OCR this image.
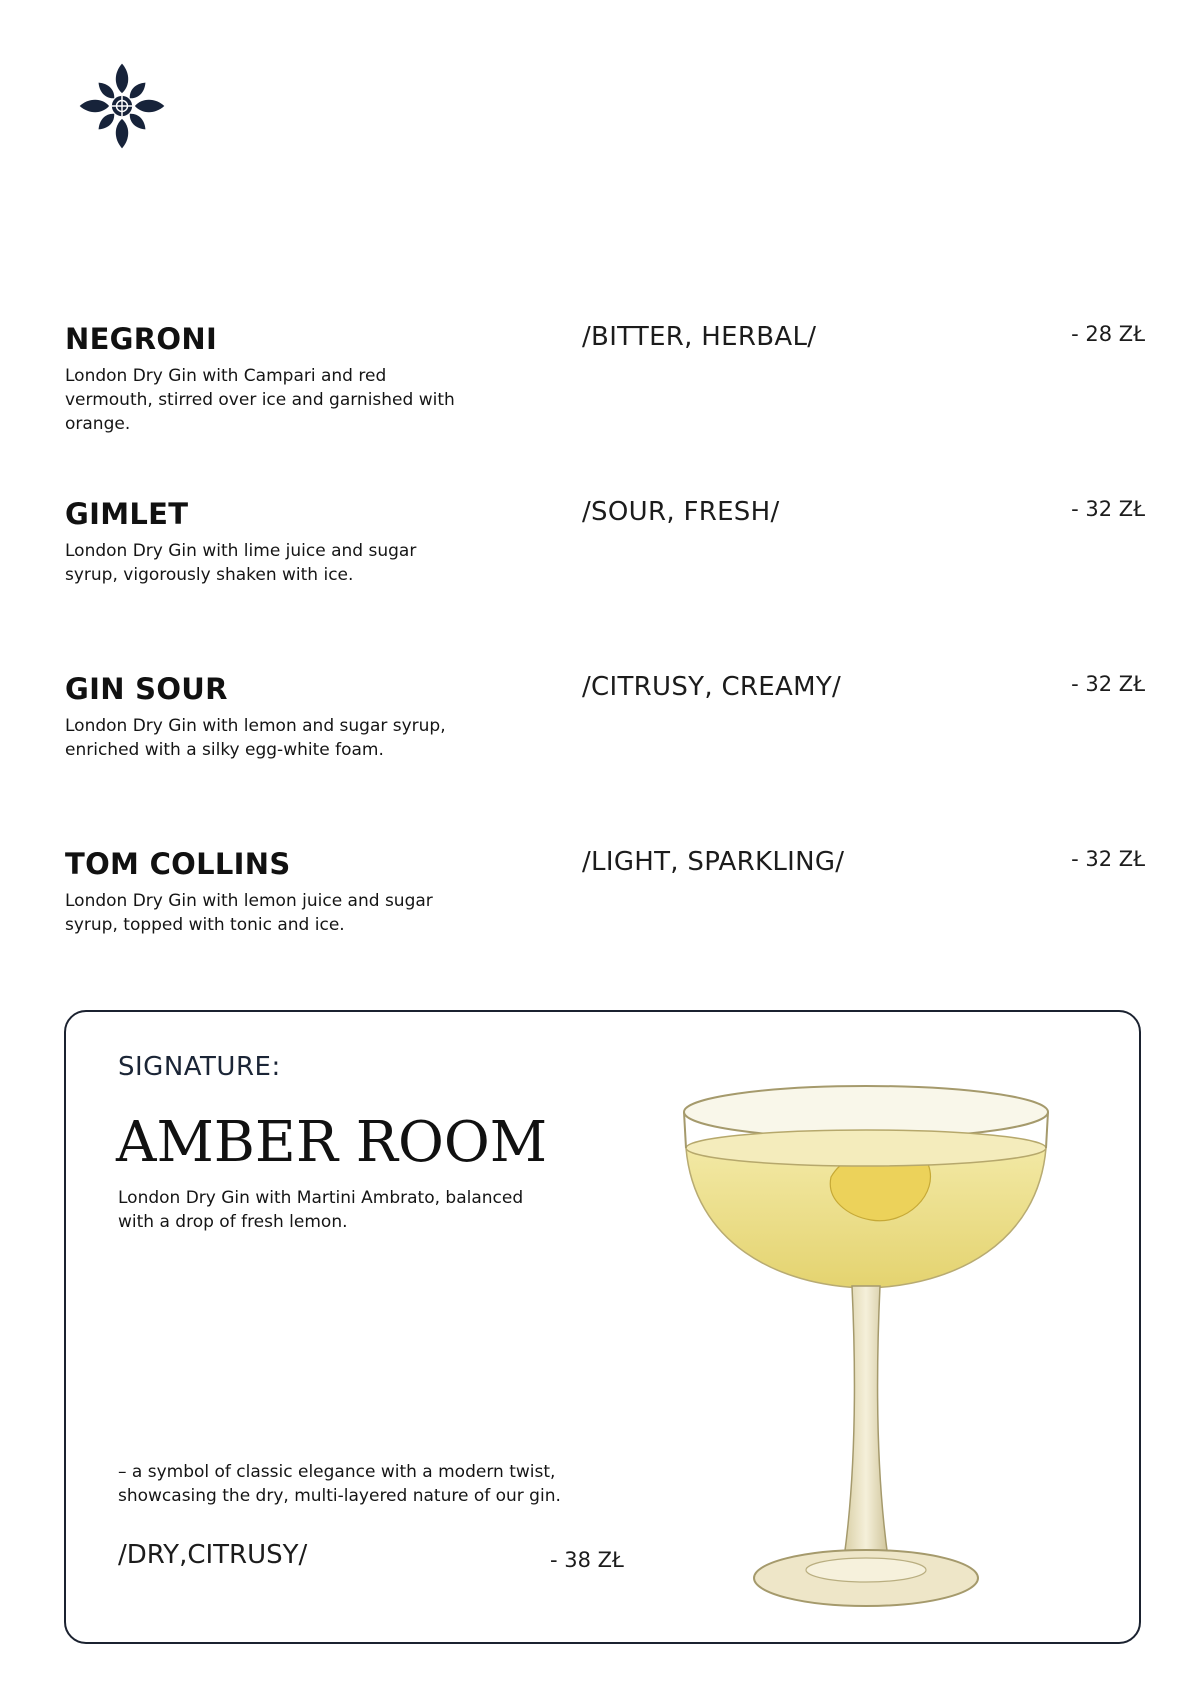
NEGRONI
London Dry Gin with Campari and red vermouth, stirred over ice and garnished with orange.
/BITTER, HERBAL/	- 28 ZŁ
GIMLET
London Dry Gin with lime juice and sugar syrup, vigorously shaken with ice.
/SOUR, FRESH/	- 32 ZŁ
GIN SOUR
London Dry Gin with lemon and sugar syrup, enriched with a silky egg-white foam.
/CITRUSY, CREAMY/	- 32 ZŁ
TOM COLLINS
London Dry Gin with lemon juice and sugar syrup, topped with tonic and ice.
/LIGHT, SPARKLING/	- 32 ZŁ
SIGNATURE:
AMBER ROOM
London Dry Gin with Martini Ambrato, balanced with a drop of fresh lemon.
– a symbol of classic elegance with a modern twist, showcasing the dry, multi-layered nature of our gin.
/DRY,CITRUSY/	- 38 ZŁ
